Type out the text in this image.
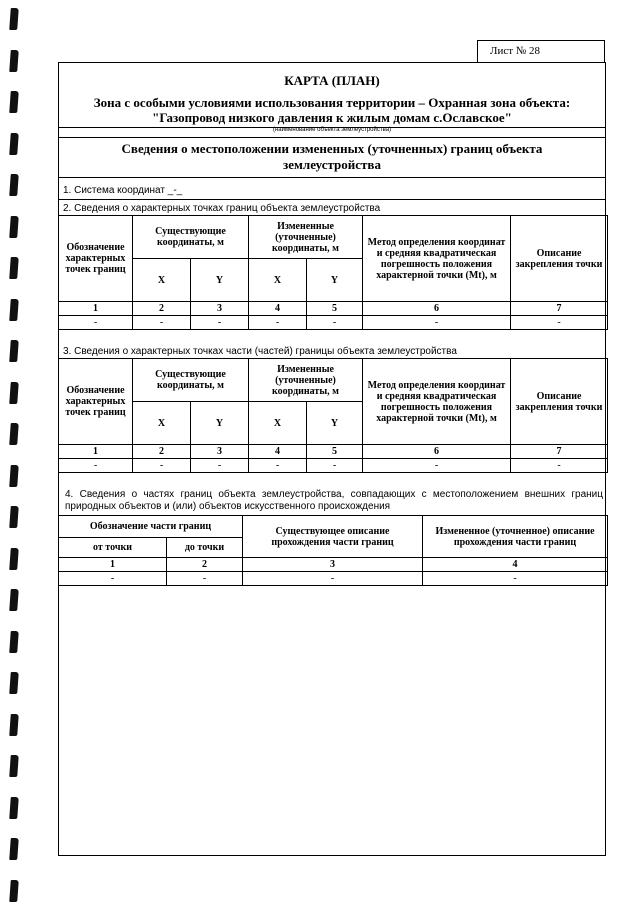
Лист № 28
КАРТА (ПЛАН)
Зона с особыми условиями использования территории – Охранная зона объекта:
"Газопровод низкого давления к жилым домам с.Ославское"
(наименование объекта землеустройства)
Сведения о местоположении измененных (уточненных) границ объекта
землеустройства
1. Система координат _-_
2. Сведения о характерных точках границ объекта землеустройства
Обозначение характерных точек границ	Существующие координаты, м		Измененные (уточненные) координаты, м		Метод определения координат и средняя квадратическая погрешность положения характерной точки (Mt), м	Описание закрепления точки
	X	Y	X	Y		
1	2	3	4	5	6	7
-	-	-	-	-	-	-
3. Сведения о характерных точках части (частей) границы объекта землеустройства
Обозначение характерных точек границ	Существующие координаты, м		Измененные (уточненные) координаты, м		Метод определения координат и средняя квадратическая погрешность положения характерной точки (Mt), м	Описание закрепления точки
	X	Y	X	Y		
1	2	3	4	5	6	7
-	-	-	-	-	-	-
4. Сведения о частях границ объекта землеустройства, совпадающих с местоположением внешних границ природных объектов и (или) объектов искусственного происхождения
Обозначение части границ		Существующее описание прохождения части границ	Измененное (уточненное) описание прохождения части границ
от точки	до точки		
1	2	3	4
-	-	-	-
